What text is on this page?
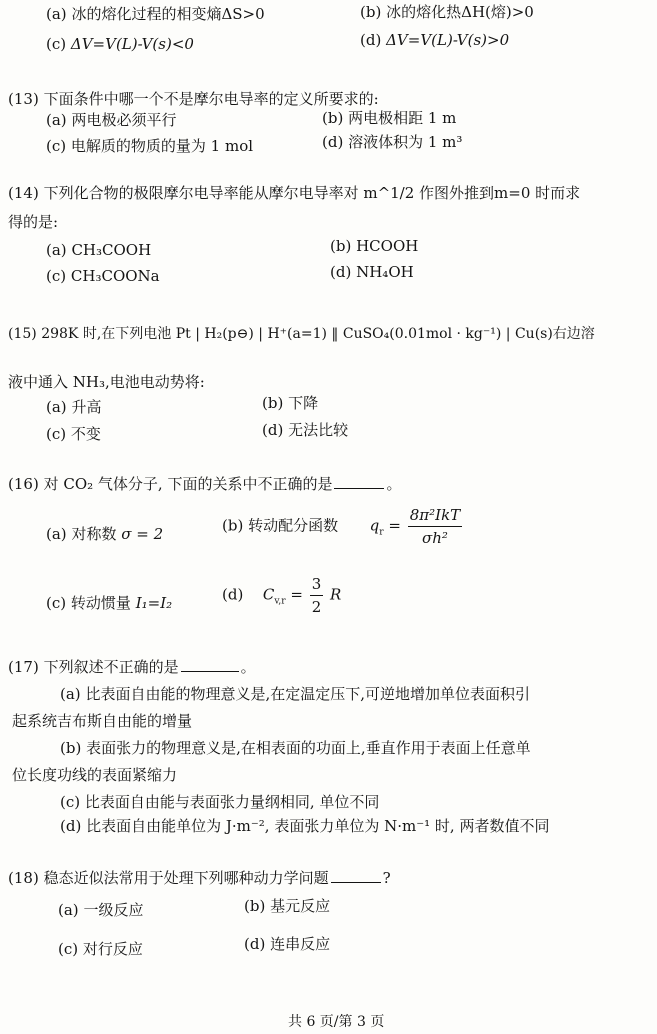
(a) 冰的熔化过程的相变熵ΔS>0	(b) 冰的熔化热ΔH(熔)>0
(c) ΔV=V(L)-V(s)<0	(d) ΔV=V(L)-V(s)>0
(13) 下面条件中哪一个不是摩尔电导率的定义所要求的:
(a) 两电极必须平行	(b) 两电极相距 1 m
(c) 电解质的物质的量为 1 mol	(d) 溶液体积为 1 m³
(14) 下列化合物的极限摩尔电导率能从摩尔电导率对 m^1/2 作图外推到m=0 时而求
得的是:
(a) CH₃COOH	(b) HCOOH
(c) CH₃COONa	(d) NH₄OH
(15) 298K 时,在下列电池 Pt | H₂(p⊖) | H⁺(a=1) ‖ CuSO₄(0.01mol · kg⁻¹) | Cu(s)右边溶
液中通入 NH₃,电池电动势将:
(a) 升高	(b) 下降
(c) 不变	(d) 无法比较
(16) 对 CO₂ 气体分子, 下面的关系中不正确的是	。
(a) 对称数 σ = 2	(b) 转动配分函数 $q_r = \frac{\text{8π²IkT}}{\text{σh²}}$
(c) 转动惯量 I₁=I₂	(d) $C_{v,r} = \frac{3}{2}$ R
(17) 下列叙述不正确的是	。
(a) 比表面自由能的物理意义是,在定温定压下,可逆地增加单位表面积引
起系统吉布斯自由能的增量
(b) 表面张力的物理意义是,在相表面的功面上,垂直作用于表面上任意单
位长度功线的表面紧缩力
(c) 比表面自由能与表面张力量纲相同, 单位不同
(d) 比表面自由能单位为 J·m⁻², 表面张力单位为 N·m⁻¹ 时, 两者数值不同
(18) 稳态近似法常用于处理下列哪种动力学问题	?
(a) 一级反应	(b) 基元反应
(c) 对行反应	(d) 连串反应
共 6 页/第 3 页
